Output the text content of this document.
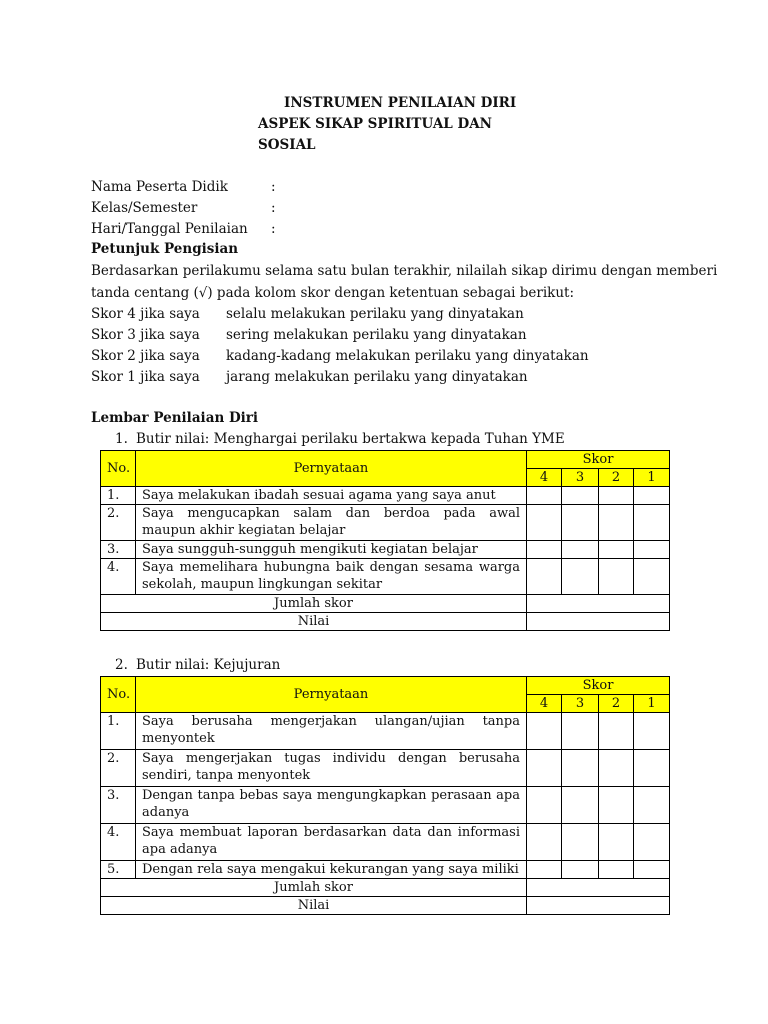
INSTRUMEN PENILAIAN DIRI
ASPEK SIKAP SPIRITUAL DAN
SOSIAL
Nama Peserta Didik	:
Kelas/Semester	:
Hari/Tanggal Penilaian :
Petunjuk Pengisian
Berdasarkan perilakumu selama satu bulan terakhir, nilailah sikap dirimu dengan memberi
tanda centang (√) pada kolom skor dengan ketentuan sebagai berikut:
Skor 4 jika saya selalu melakukan perilaku yang dinyatakan
Skor 3 jika saya sering melakukan perilaku yang dinyatakan
Skor 2 jika saya kadang-kadang melakukan perilaku yang dinyatakan
Skor 1 jika saya jarang melakukan perilaku yang dinyatakan
Lembar Penilaian Diri
1. Butir nilai: Menghargai perilaku bertakwa kepada Tuhan YME
No.	Pernyataan	Skor			
		4	3	2	1
1.	Saya melakukan ibadah sesuai agama yang saya anut				
2.	Saya mengucapkan salam dan berdoa pada awal maupun akhir kegiatan belajar				
3.	Saya sungguh-sungguh mengikuti kegiatan belajar				
4.	Saya memelihara hubungna baik dengan sesama warga sekolah, maupun lingkungan sekitar				
Jumlah skor					
Nilai					
2. Butir nilai: Kejujuran
No.	Pernyataan	Skor			
		4	3	2	1
1.	Saya berusaha mengerjakan ulangan/ujian tanpa menyontek				
2.	Saya mengerjakan tugas individu dengan berusaha sendiri, tanpa menyontek				
3.	Dengan tanpa bebas saya mengungkapkan perasaan apa adanya				
4.	Saya membuat laporan berdasarkan data dan informasi apa adanya				
5.	Dengan rela saya mengakui kekurangan yang saya miliki				
Jumlah skor					
Nilai					
